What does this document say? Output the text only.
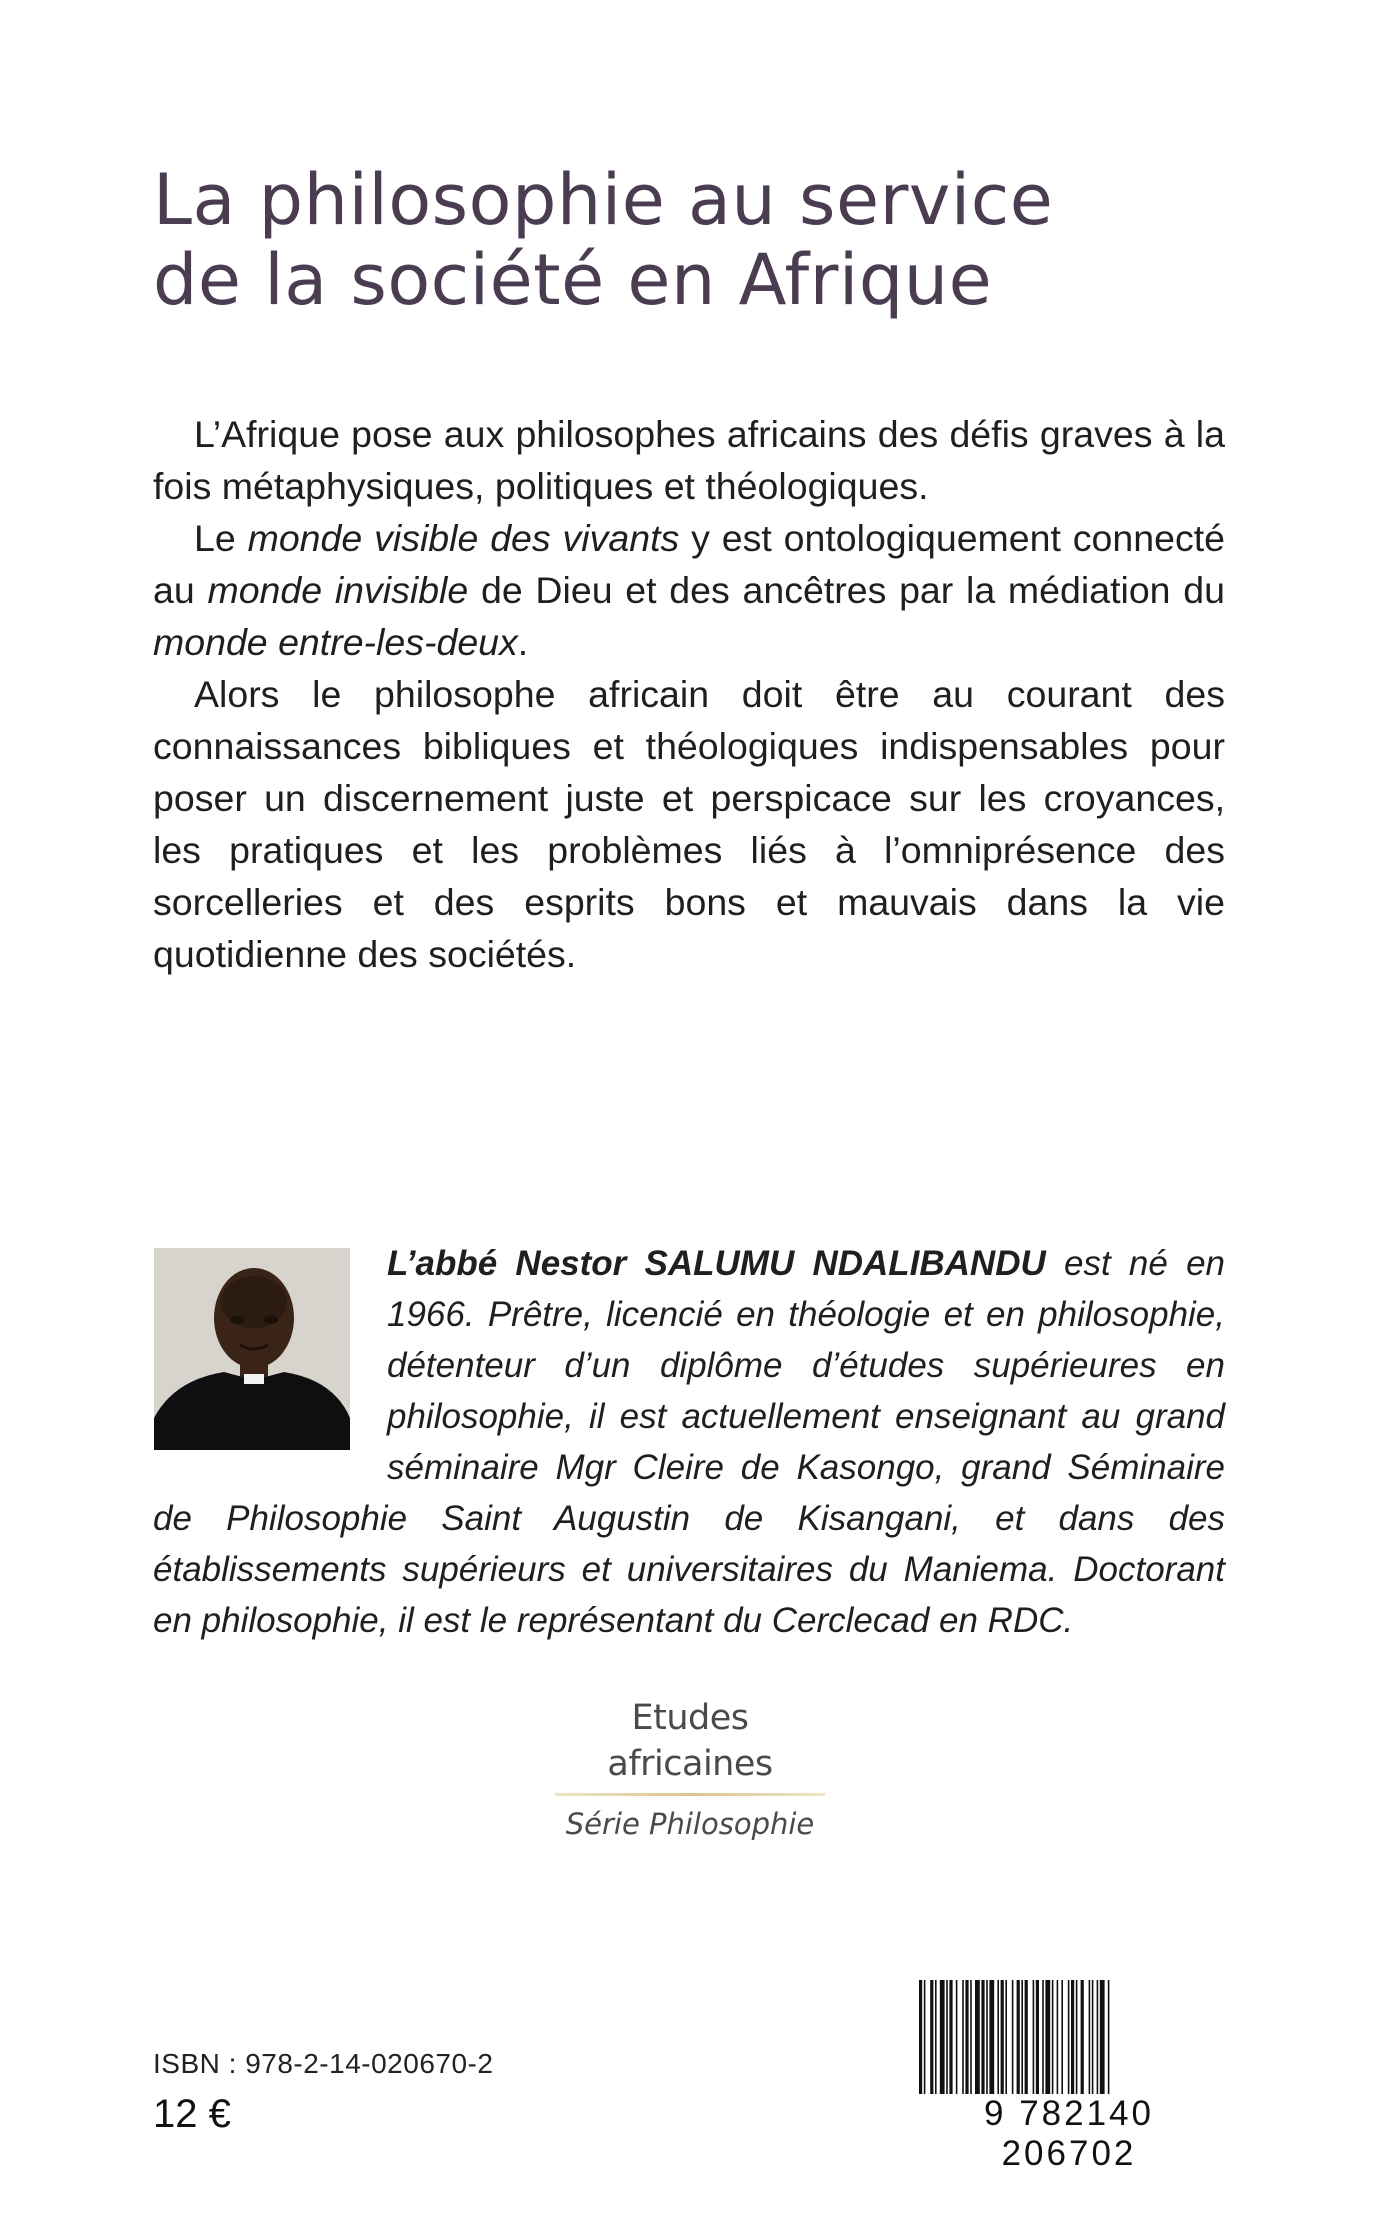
La philosophie au service
de la société en Afrique

L’Afrique pose aux philosophes africains des défis graves à la fois métaphysiques, politiques et théologiques.

Le monde visible des vivants y est ontologiquement connecté au monde invisible de Dieu et des ancêtres par la médiation du monde entre-les-deux.

Alors le philosophe africain doit être au courant des connaissances bibliques et théologiques indispensables pour poser un discernement juste et perspicace sur les croyances, les pratiques et les problèmes liés à l’omniprésence des sorcelleries et des esprits bons et mauvais dans la vie quotidienne des sociétés.

L’abbé Nestor SALUMU NDALIBANDU est né en 1966. Prêtre, licencié en théologie et en philosophie, détenteur d’un diplôme d’études supérieures en philosophie, il est actuellement enseignant au grand séminaire Mgr Cleire de Kasongo, grand Séminaire de Philosophie Saint Augustin de Kisangani, et dans des établissements supérieurs et universitaires du Maniema. Doctorant en philosophie, il est le représentant du Cerclecad en RDC.
Etudes africaines
Série Philosophie
ISBN : 978-2-14-020670-2
12 €	9 782140 206702
